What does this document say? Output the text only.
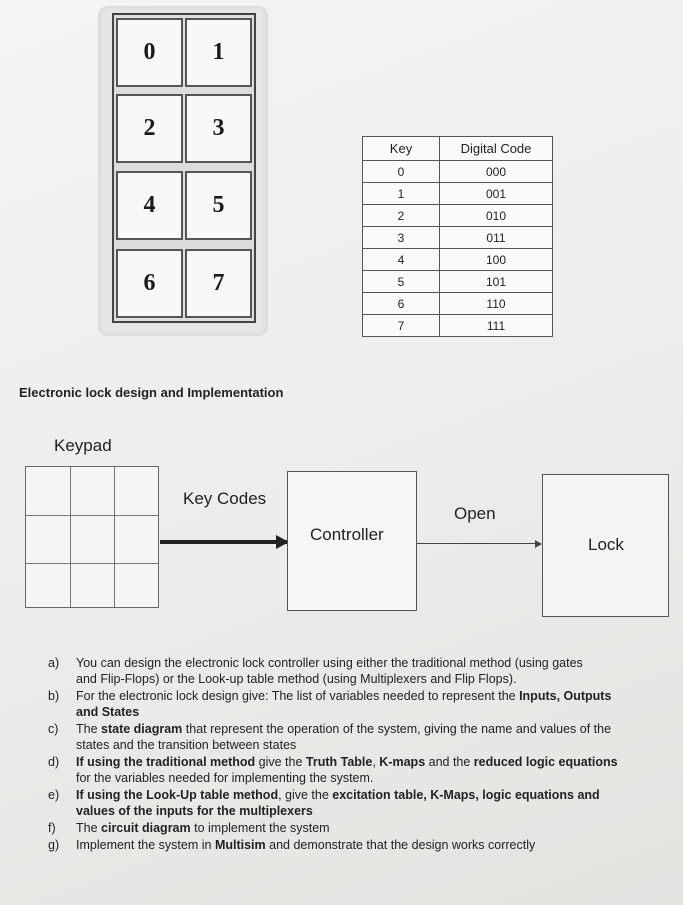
0	1
2	3
4	5
6	7
Key	Digital Code
0	000
1	001
2	010
3	011
4	100
5	101
6	110
7	111
Electronic lock design and Implementation
Keypad
Key Codes
Controller
Open
Lock
a) You can design the electronic lock controller using either the traditional method (using gates
and Flip-Flops) or the Look-up table method (using Multiplexers and Flip Flops).
b) For the electronic lock design give: The list of variables needed to represent the Inputs, Outputs
and States
c) The state diagram that represent the operation of the system, giving the name and values of the
states and the transition between states
d) If using the traditional method give the Truth Table, K-maps and the reduced logic equations
for the variables needed for implementing the system.
e) If using the Look-Up table method, give the excitation table, K-Maps, logic equations and
values of the inputs for the multiplexers
f) The circuit diagram to implement the system
g) Implement the system in Multisim and demonstrate that the design works correctly
